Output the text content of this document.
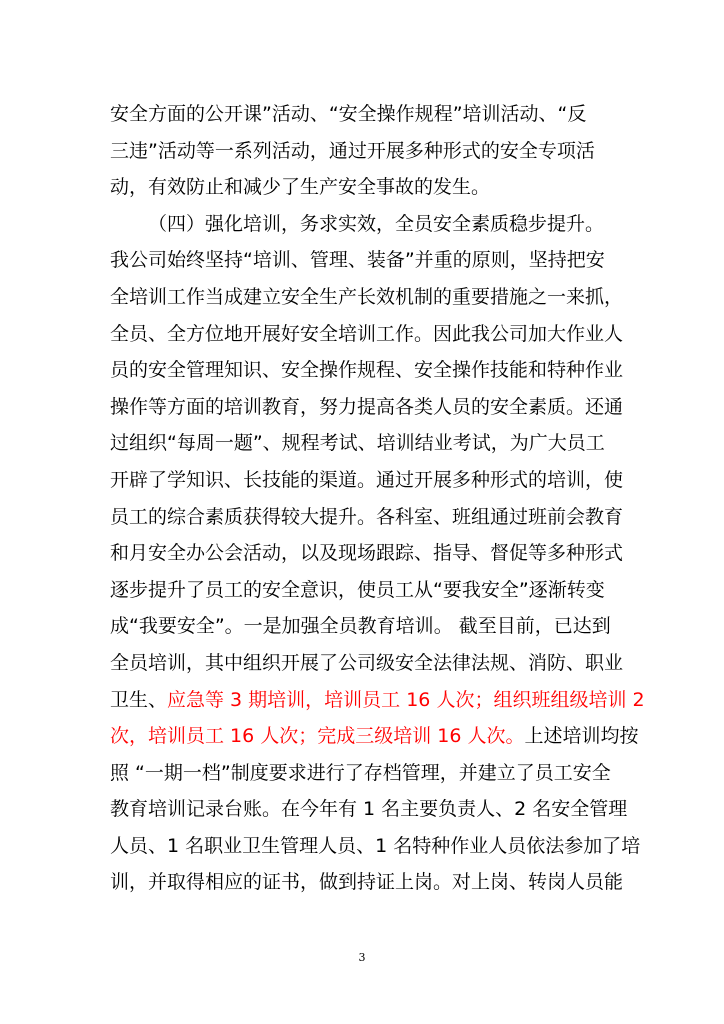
安全方面的公开课”活动、“安全操作规程”培训活动、“反
三违”活动等一系列活动，通过开展多种形式的安全专项活
动，有效防止和减少了生产安全事故的发生。
（四）强化培训，务求实效，全员安全素质稳步提升。
我公司始终坚持“培训、管理、装备”并重的原则，坚持把安
全培训工作当成建立安全生产长效机制的重要措施之一来抓，
全员、全方位地开展好安全培训工作。因此我公司加大作业人
员的安全管理知识、安全操作规程、安全操作技能和特种作业
操作等方面的培训教育，努力提高各类人员的安全素质。还通
过组织“每周一题”、规程考试、培训结业考试，为广大员工
开辟了学知识、长技能的渠道。通过开展多种形式的培训，使
员工的综合素质获得较大提升。各科室、班组通过班前会教育
和月安全办公会活动，以及现场跟踪、指导、督促等多种形式
逐步提升了员工的安全意识，使员工从“要我安全”逐渐转变
成“我要安全”。一是加强全员教育培训。 截至目前，已达到
全员培训，其中组织开展了公司级安全法律法规、消防、职业
卫生、应急等 3 期培训，培训员工 16 人次；组织班组级培训 2
次，培训员工 16 人次；完成三级培训 16 人次。上述培训均按
照 “一期一档”制度要求进行了存档管理，并建立了员工安全
教育培训记录台账。在今年有 1 名主要负责人、2 名安全管理
人员、1 名职业卫生管理人员、1 名特种作业人员依法参加了培
训，并取得相应的证书，做到持证上岗。对上岗、转岗人员能
3
